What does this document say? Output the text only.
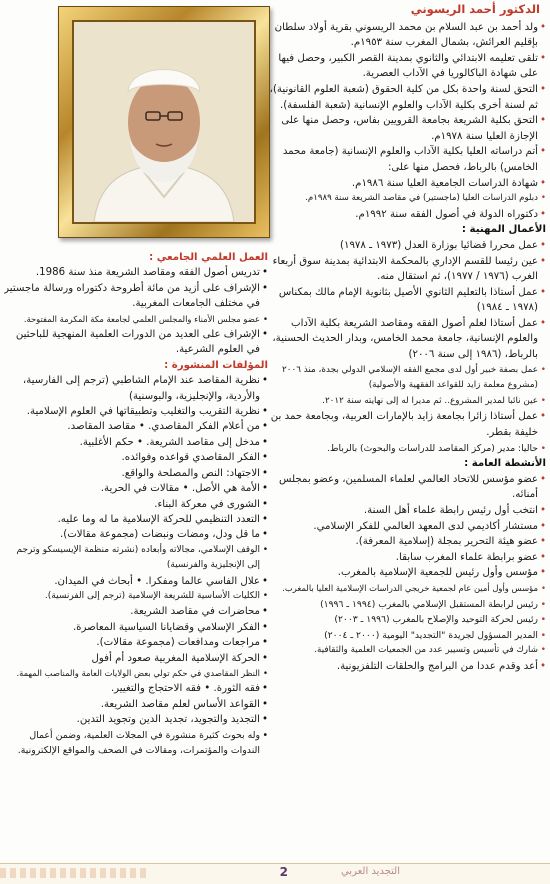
الدكتور أحمد الريسوني
• ولد أحمد بن عبد السلام بن محمد الريسوني بقرية أولاد سلطان بإقليم العرائش، بشمال المغرب سنة ١٩٥٣م.
• تلقى تعليمه الابتدائي والثانوي بمدينة القصر الكبير، وحصل فيها على شهادة الباكالوريا في الآداب العصرية.
• التحق لسنة واحدة بكل من كلية الحقوق (شعبة العلوم القانونية)، ثم لسنة أخرى بكلية الآداب والعلوم الإنسانية (شعبة الفلسفة).
• التحق بكلية الشريعة بجامعة القرويين بفاس، وحصل منها على الإجازة العليا سنة ١٩٧٨م.
• أتم دراساته العليا بكلية الآداب والعلوم الإنسانية (جامعة محمد الخامس) بالرباط، فحصل منها على:
• شهادة الدراسات الجامعية العليا سنة ١٩٨٦م.
• دبلوم الدراسات العليا (ماجستير) في مقاصد الشريعة سنة ١٩٨٩م.
• دكتوراه الدولة في أصول الفقه سنة ١٩٩٢م.
الأعمال المهنية :
• عمل محررا قضائيا بوزارة العدل (١٩٧٣ ـ ١٩٧٨)
• عين رئيسا للقسم الإداري بالمحكمة الابتدائية بمدينة سوق أربعاء الغرب (١٩٧٦ / ١٩٧٧)، ثم استقال منه.
• عمل أستاذا بالتعليم الثانوي الأصيل بثانوية الإمام مالك بمكناس (١٩٧٨ ـ ١٩٨٤)
• عمل أستاذا لعلم أصول الفقه ومقاصد الشريعة بكلية الآداب والعلوم الإنسانية، جامعة محمد الخامس، وبدار الحديث الحسنية، بالرباط، (١٩٨٦ إلى سنة ٢٠٠٦)
• عمل بصفة خبير أول لدى مجمع الفقه الإسلامي الدولي بجدة، منذ ٢٠٠٦ (مشروع معلمة زايد للقواعد الفقهية والأصولية)
• عين نائبا لمدير المشروع.. ثم مديرا له إلى نهايته سنة ٢٠١٢.
• عمل أستاذا زائرا بجامعة زايد بالإمارات العربية، وبجامعة حمد بن خليفة بقطر.
• حاليا: مدير (مركز المقاصد للدراسات والبحوث) بالرباط.
الأنشطة العامة :
• عضو مؤسس للاتحاد العالمي لعلماء المسلمين، وعضو بمجلس أمنائه.
• انتخب أول رئيس رابطة علماء أهل السنة.
• مستشار أكاديمي لدى المعهد العالمي للفكر الإسلامي.
• عضو هيئة التحرير بمجلة (إسلامية المعرفة).
• عضو برابطة علماء المغرب سابقا.
• مؤسس وأول رئيس للجمعية الإسلامية بالمغرب.
• مؤسس وأول أمين عام لجمعية خريجي الدراسات الإسلامية العليا بالمغرب.
• رئيس لرابطة المستقبل الإسلامي بالمغرب (١٩٩٤ ـ ١٩٩٦)
• رئيس لحركة التوحيد والإصلاح بالمغرب (١٩٩٦ ـ ٢٠٠٣)
• المدير المسؤول لجريدة "التجديد" اليومية (٢٠٠٠ ـ ٢٠٠٤)
• شارك في تأسيس وتسيير عدد من الجمعيات العلمية والثقافية.
• أعد وقدم عددا من البرامج والحلقات التلفزيونية.
العمل العلمي الجامعي :
• تدريس أصول الفقه ومقاصد الشريعة منذ سنة 1986.
• الإشراف على أزيد من مائة أطروحة دكتوراه ورسالة ماجستير في مختلف الجامعات المغربية.
• عضو مجلس الأمناء والمجلس العلمي لجامعة مكة المكرمة المفتوحة.
• الإشراف على العديد من الدورات العلمية المنهجية للباحثين في العلوم الشرعية.
المؤلفات المنشورة :
• نظرية المقاصد عند الإمام الشاطبي (ترجم إلى الفارسية، والأردية، والإنجليزية، والبوسنية)
• نظرية التقريب والتغليب وتطبيقاتها في العلوم الإسلامية.
• من أعلام الفكر المقاصدي. • مقاصد المقاصد.
• مدخل إلى مقاصد الشريعة. • حكم الأغلبية.
• الفكر المقاصدي قواعده وفوائده.
• الاجتهاد: النص والمصلحة والواقع.
• الأمة هي الأصل. • مقالات في الحرية.
• الشورى في معركة البناء.
• التعدد التنظيمي للحركة الإسلامية ما له وما عليه.
• ما قل ودل، ومضات ونبضات (مجموعة مقالات).
• الوقف الإسلامي، مجالاته وأبعاده (نشرته منظمة الإيسيسكو وترجم إلى الإنجليزية والفرنسية)
• علال الفاسي عالما ومفكرا. • أبحاث في الميدان.
• الكليات الأساسية للشريعة الإسلامية (ترجم إلى الفرنسية).
• محاضرات في مقاصد الشريعة.
• الفكر الإسلامي وقضايانا السياسية المعاصرة.
• مراجعات ومدافعات (مجموعة مقالات).
• الحركة الإسلامية المغربية صعود أم أفول
• النظر المقاصدي في حكم تولي بعض الولايات العامة والمناصب المهمة.
• فقه الثورة. • فقه الاحتجاج والتغيير.
• القواعد الأساس لعلم مقاصد الشريعة.
• التجديد والتجويد، تجديد الدين وتجويد التدين.
• وله بحوث كثيرة منشورة في المجلات العلمية، وضمن أعمال الندوات والمؤتمرات، ومقالات في الصحف والمواقع الإلكترونية.
التجديد العربي
2
